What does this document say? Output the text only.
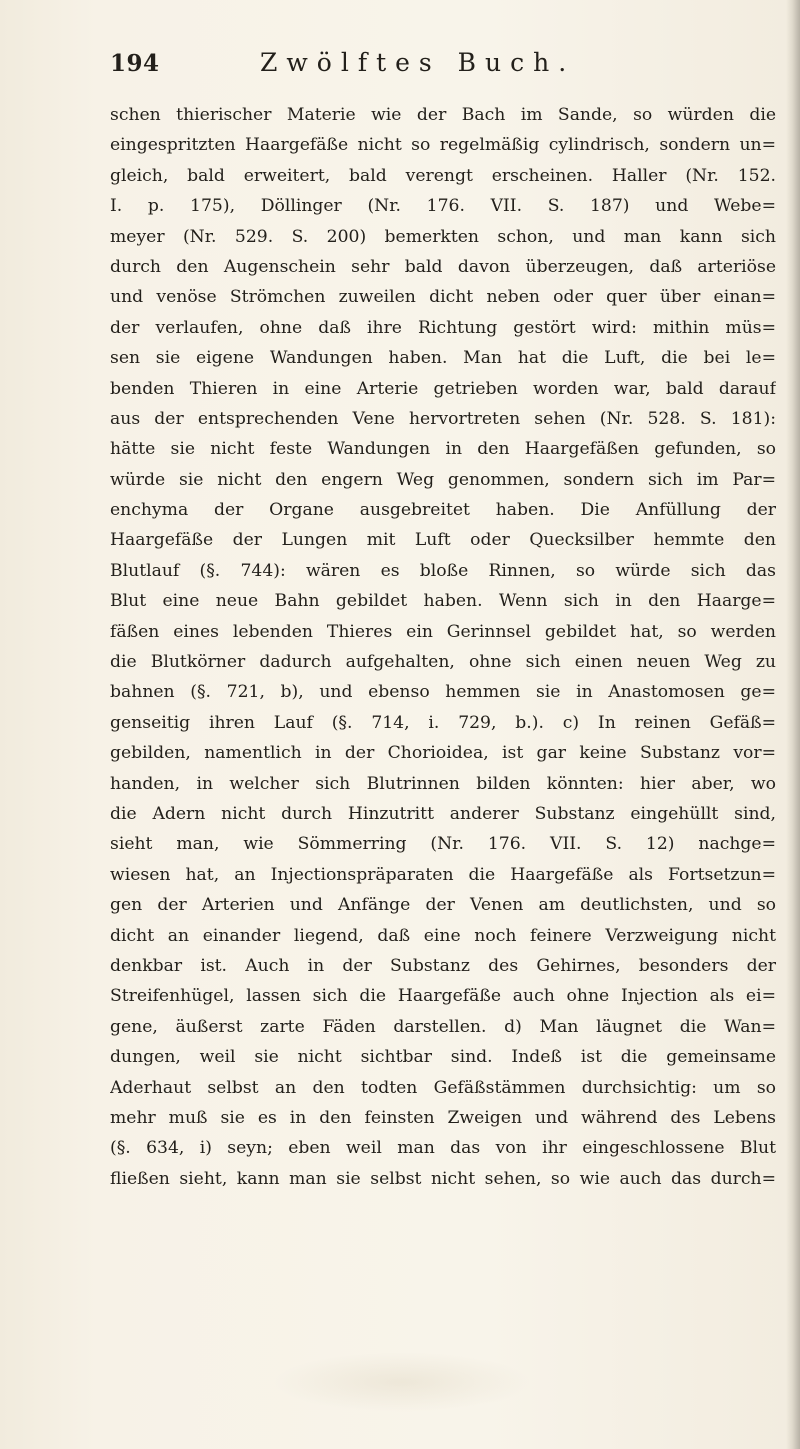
194	Zwölftes Buch.
schen thierischer Materie wie der Bach im Sande, so würden die
eingespritzten Haargefäße nicht so regelmäßig cylindrisch, sondern un=
gleich, bald erweitert, bald verengt erscheinen. Haller (Nr. 152.
I. p. 175), Döllinger (Nr. 176. VII. S. 187) und Webe=
meyer (Nr. 529. S. 200) bemerkten schon, und man kann sich
durch den Augenschein sehr bald davon überzeugen, daß arteriöse
und venöse Strömchen zuweilen dicht neben oder quer über einan=
der verlaufen, ohne daß ihre Richtung gestört wird: mithin müs=
sen sie eigene Wandungen haben. Man hat die Luft, die bei le=
benden Thieren in eine Arterie getrieben worden war, bald darauf
aus der entsprechenden Vene hervortreten sehen (Nr. 528. S. 181):
hätte sie nicht feste Wandungen in den Haargefäßen gefunden, so
würde sie nicht den engern Weg genommen, sondern sich im Par=
enchyma der Organe ausgebreitet haben. Die Anfüllung der
Haargefäße der Lungen mit Luft oder Quecksilber hemmte den
Blutlauf (§. 744): wären es bloße Rinnen, so würde sich das
Blut eine neue Bahn gebildet haben. Wenn sich in den Haarge=
fäßen eines lebenden Thieres ein Gerinnsel gebildet hat, so werden
die Blutkörner dadurch aufgehalten, ohne sich einen neuen Weg zu
bahnen (§. 721, b), und ebenso hemmen sie in Anastomosen ge=
genseitig ihren Lauf (§. 714, i. 729, b.). c) In reinen Gefäß=
gebilden, namentlich in der Chorioidea, ist gar keine Substanz vor=
handen, in welcher sich Blutrinnen bilden könnten: hier aber, wo
die Adern nicht durch Hinzutritt anderer Substanz eingehüllt sind,
sieht man, wie Sömmerring (Nr. 176. VII. S. 12) nachge=
wiesen hat, an Injectionspräparaten die Haargefäße als Fortsetzun=
gen der Arterien und Anfänge der Venen am deutlichsten, und so
dicht an einander liegend, daß eine noch feinere Verzweigung nicht
denkbar ist. Auch in der Substanz des Gehirnes, besonders der
Streifenhügel, lassen sich die Haargefäße auch ohne Injection als ei=
gene, äußerst zarte Fäden darstellen. d) Man läugnet die Wan=
dungen, weil sie nicht sichtbar sind. Indeß ist die gemeinsame
Aderhaut selbst an den todten Gefäßstämmen durchsichtig: um so
mehr muß sie es in den feinsten Zweigen und während des Lebens
(§. 634, i) seyn; eben weil man das von ihr eingeschlossene Blut
fließen sieht, kann man sie selbst nicht sehen, so wie auch das durch=
